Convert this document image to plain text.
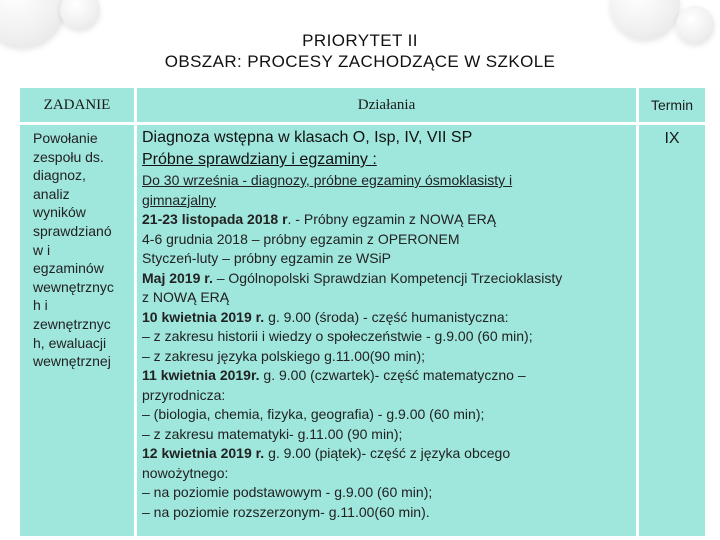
PRIORYTET II
OBSZAR: PROCESY ZACHODZĄCE W SZKOLE
ZADANIE	Działania	Termin
Powołanie
zespołu ds.
diagnoz,
analiz
wyników
sprawdzianó
w i
egzaminów
wewnętrznyc
h i
zewnętrznyc
h, ewaluacji
wewnętrznej
Diagnoza wstępna w klasach O, Isp, IV, VII SP
Próbne sprawdziany i egzaminy :
Do 30 września - diagnozy, próbne egzaminy ósmoklasisty i
gimnazjalny
21-23 listopada 2018 r. - Próbny egzamin z NOWĄ ERĄ
4-6 grudnia 2018 – próbny egzamin z OPERONEM
Styczeń-luty – próbny egzamin ze WSiP
Maj 2019 r. – Ogólnopolski Sprawdzian Kompetencji Trzecioklasisty
z NOWĄ ERĄ
10 kwietnia 2019 r. g. 9.00 (środa) - część humanistyczna:
– z zakresu historii i wiedzy o społeczeństwie - g.9.00 (60 min);
– z zakresu języka polskiego g.11.00(90 min);
11 kwietnia 2019r. g. 9.00 (czwartek)- część matematyczno –
przyrodnicza:
– (biologia, chemia, fizyka, geografia) - g.9.00 (60 min);
– z zakresu matematyki- g.11.00 (90 min);
12 kwietnia 2019 r. g. 9.00 (piątek)- część z języka obcego
nowożytnego:
– na poziomie podstawowym - g.9.00 (60 min);
– na poziomie rozszerzonym- g.11.00(60 min).
IX
